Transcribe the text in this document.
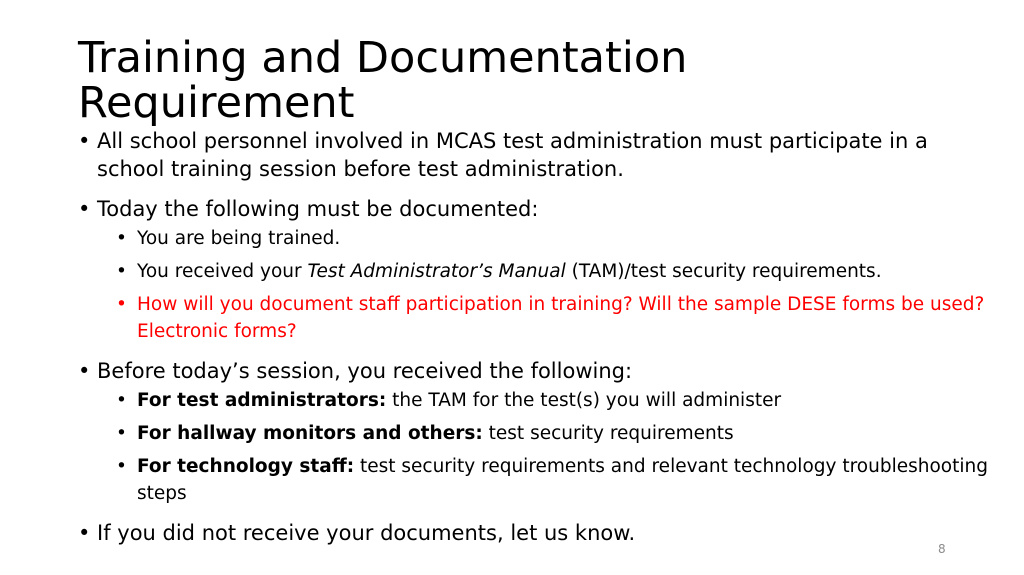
Training and Documentation Requirement
• All school personnel involved in MCAS test administration must participate in a school training session before test administration.
• Today the following must be documented:
• You are being trained.
• You received your Test Administrator’s Manual (TAM)/test security requirements.
• How will you document staff participation in training? Will the sample DESE forms be used? Electronic forms?
• Before today’s session, you received the following:
• For test administrators: the TAM for the test(s) you will administer
• For hallway monitors and others: test security requirements
• For technology staff: test security requirements and relevant technology troubleshooting steps
• If you did not receive your documents, let us know.
8
